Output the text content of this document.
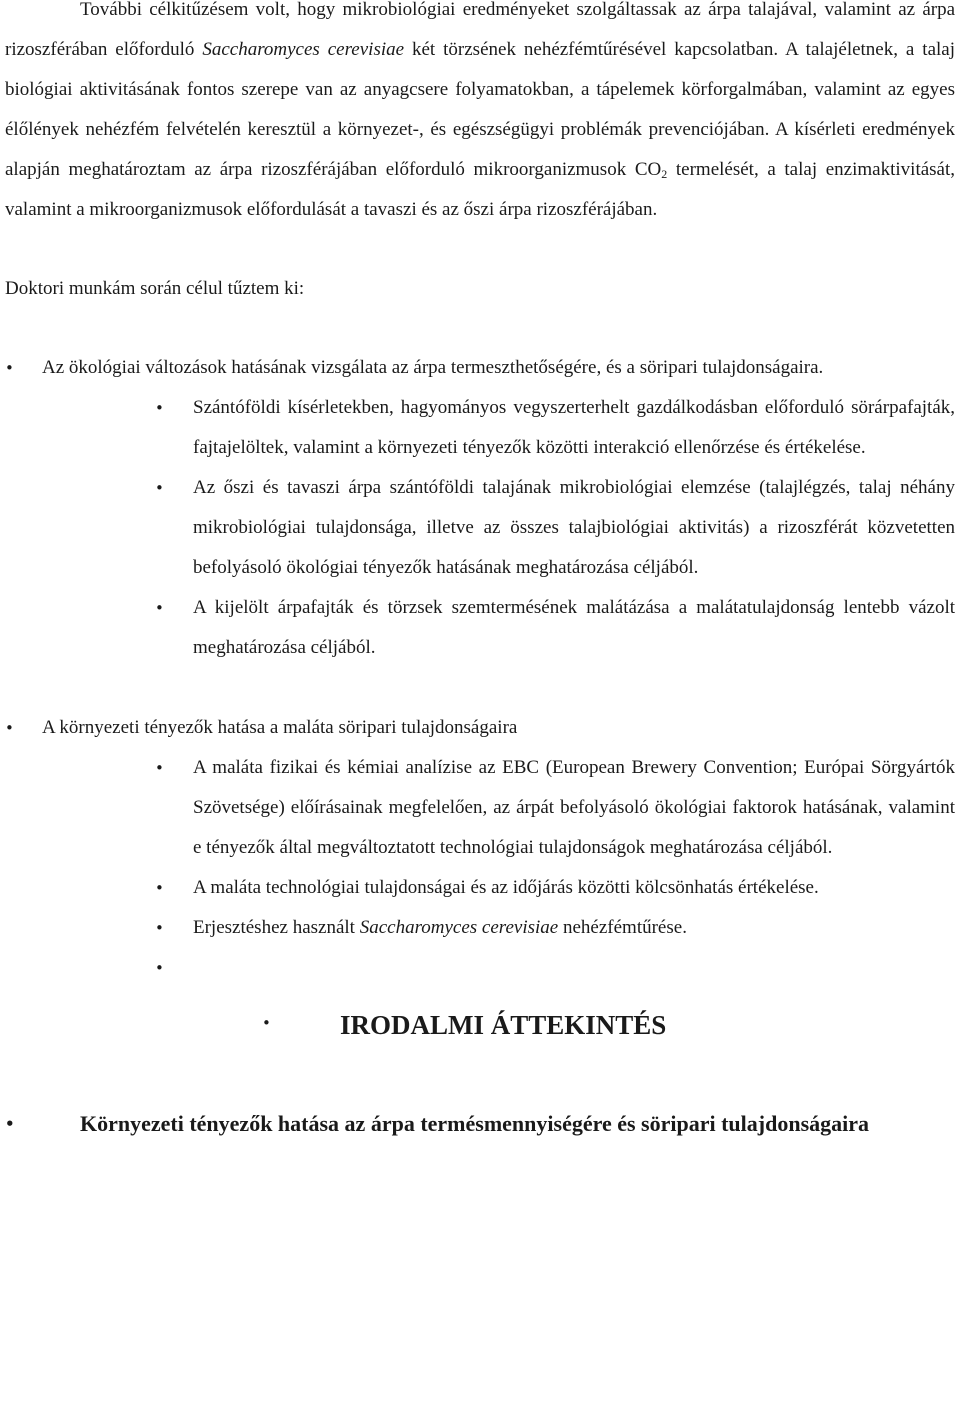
További célkitűzésem volt, hogy mikrobiológiai eredményeket szolgáltassak az árpa talajával, valamint az árpa rizoszférában előforduló Saccharomyces cerevisiae két törzsének nehézfémtűrésével kapcsolatban. A talajéletnek, a talaj biológiai aktivitásának fontos szerepe van az anyagcsere folyamatokban, a tápelemek körforgalmában, valamint az egyes élőlények nehézfém felvételén keresztül a környezet-, és egészségügyi problémák prevenciójában. A kísérleti eredmények alapján meghatároztam az árpa rizoszférájában előforduló mikroorganizmusok $CO_2$ termelését, a talaj enzimaktivitását, valamint a mikroorganizmusok előfordulását a tavaszi és az őszi árpa rizoszférájában.

Doktori munkám során célul tűztem ki:

• Az ökológiai változások hatásának vizsgálata az árpa termeszthetőségére, és a söripari tulajdonságaira.

• Szántóföldi kísérletekben, hagyományos vegyszerterhelt gazdálkodásban előforduló sörárpafajták, fajtajelöltek, valamint a környezeti tényezők közötti interakció ellenőrzése és értékelése.

• Az őszi és tavaszi árpa szántóföldi talajának mikrobiológiai elemzése (talajlégzés, talaj néhány mikrobiológiai tulajdonsága, illetve az összes talajbiológiai aktivitás) a rizoszférát közvetetten befolyásoló ökológiai tényezők hatásának meghatározása céljából.

• A kijelölt árpafajták és törzsek szemtermésének malátázása a malátatulajdonság lentebb vázolt meghatározása céljából.

• A környezeti tényezők hatása a maláta söripari tulajdonságaira

• A maláta fizikai és kémiai analízise az EBC (European Brewery Convention; Európai Sörgyártók Szövetsége) előírásainak megfelelően, az árpát befolyásoló ökológiai faktorok hatásának, valamint e tényezők által megváltoztatott technológiai tulajdonságok meghatározása céljából.

• A maláta technológiai tulajdonságai és az időjárás közötti kölcsönhatás értékelése.

• Erjesztéshez használt Saccharomyces cerevisiae nehézfémtűrése.

•
•	IRODALMI ÁTTEKINTÉS
•	Környezeti tényezők hatása az árpa termésmennyiségére és söripari tulajdonságaira
